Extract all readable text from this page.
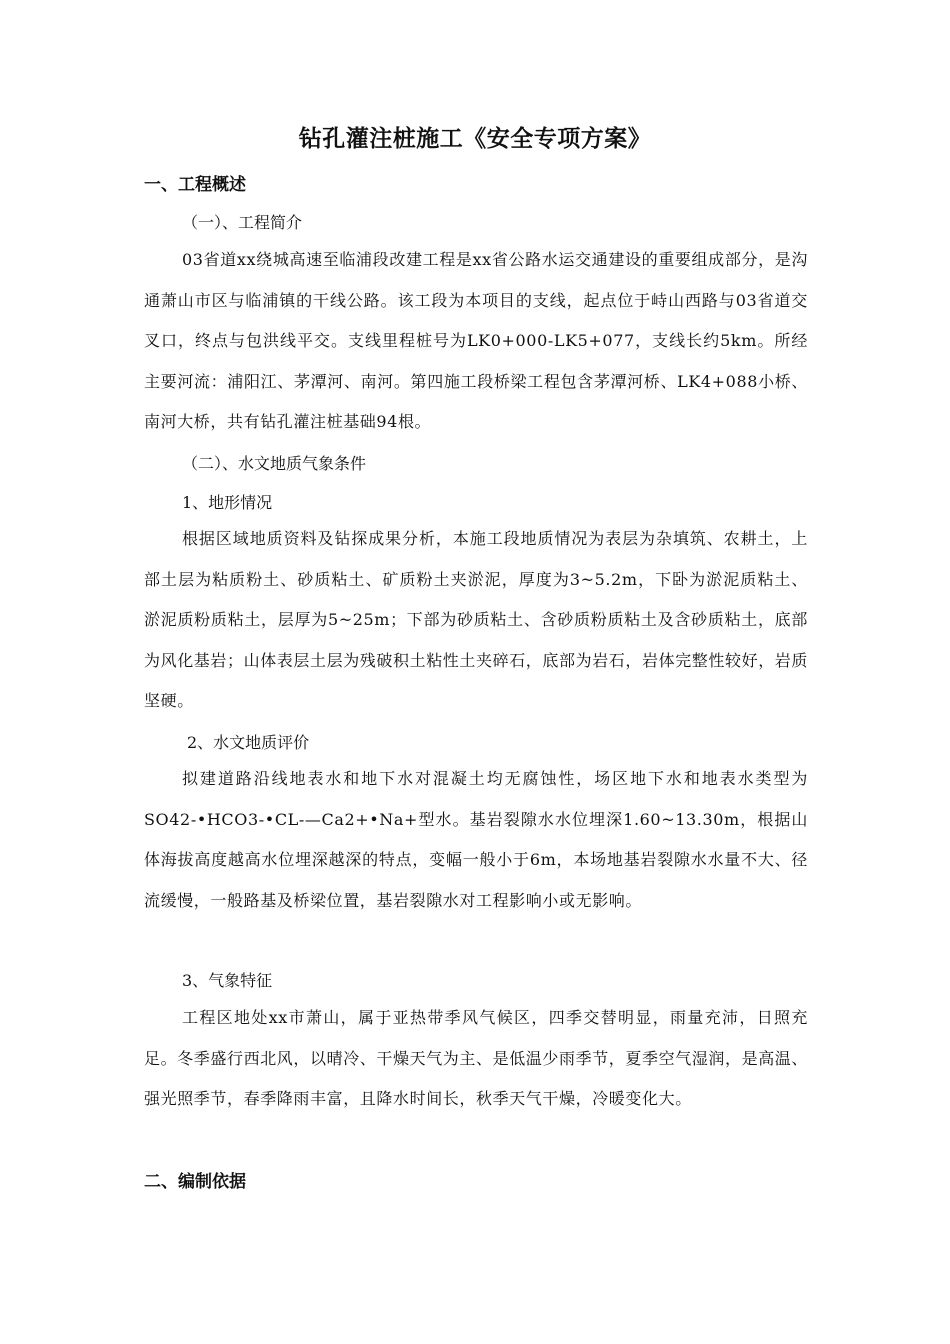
钻孔灌注桩施工《安全专项方案》
一、工程概述
（一）、工程简介

03省道xx绕城高速至临浦段改建工程是xx省公路水运交通建设的重要组成部分，是沟通萧山市区与临浦镇的干线公路。该工段为本项目的支线，起点位于峙山西路与03省道交叉口，终点与包洪线平交。支线里程桩号为LK0+000-LK5+077，支线长约5km。所经主要河流：浦阳江、茅潭河、南河。第四施工段桥梁工程包含茅潭河桥、LK4+088小桥、南河大桥，共有钻孔灌注桩基础94根。

（二）、水文地质气象条件
1、地形情况

根据区域地质资料及钻探成果分析，本施工段地质情况为表层为杂填筑、农耕土，上部土层为粘质粉土、砂质粘土、矿质粉土夹淤泥，厚度为3~5.2m，下卧为淤泥质粘土、淤泥质粉质粘土，层厚为5~25m；下部为砂质粘土、含砂质粉质粘土及含砂质粘土，底部为风化基岩；山体表层土层为残破积土粘性土夹碎石，底部为岩石，岩体完整性较好，岩质坚硬。

2、水文地质评价

拟建道路沿线地表水和地下水对混凝土均无腐蚀性，场区地下水和地表水类型为SO42-•HCO3-•CL-—Ca2+•Na+型水。基岩裂隙水水位埋深1.60~13.30m，根据山体海拔高度越高水位埋深越深的特点，变幅一般小于6m，本场地基岩裂隙水水量不大、径流缓慢，一般路基及桥梁位置，基岩裂隙水对工程影响小或无影响。

3、气象特征

工程区地处xx市萧山，属于亚热带季风气候区，四季交替明显，雨量充沛，日照充足。冬季盛行西北风，以晴冷、干燥天气为主、是低温少雨季节，夏季空气湿润，是高温、强光照季节，春季降雨丰富，且降水时间长，秋季天气干燥，冷暖变化大。

二、编制依据
